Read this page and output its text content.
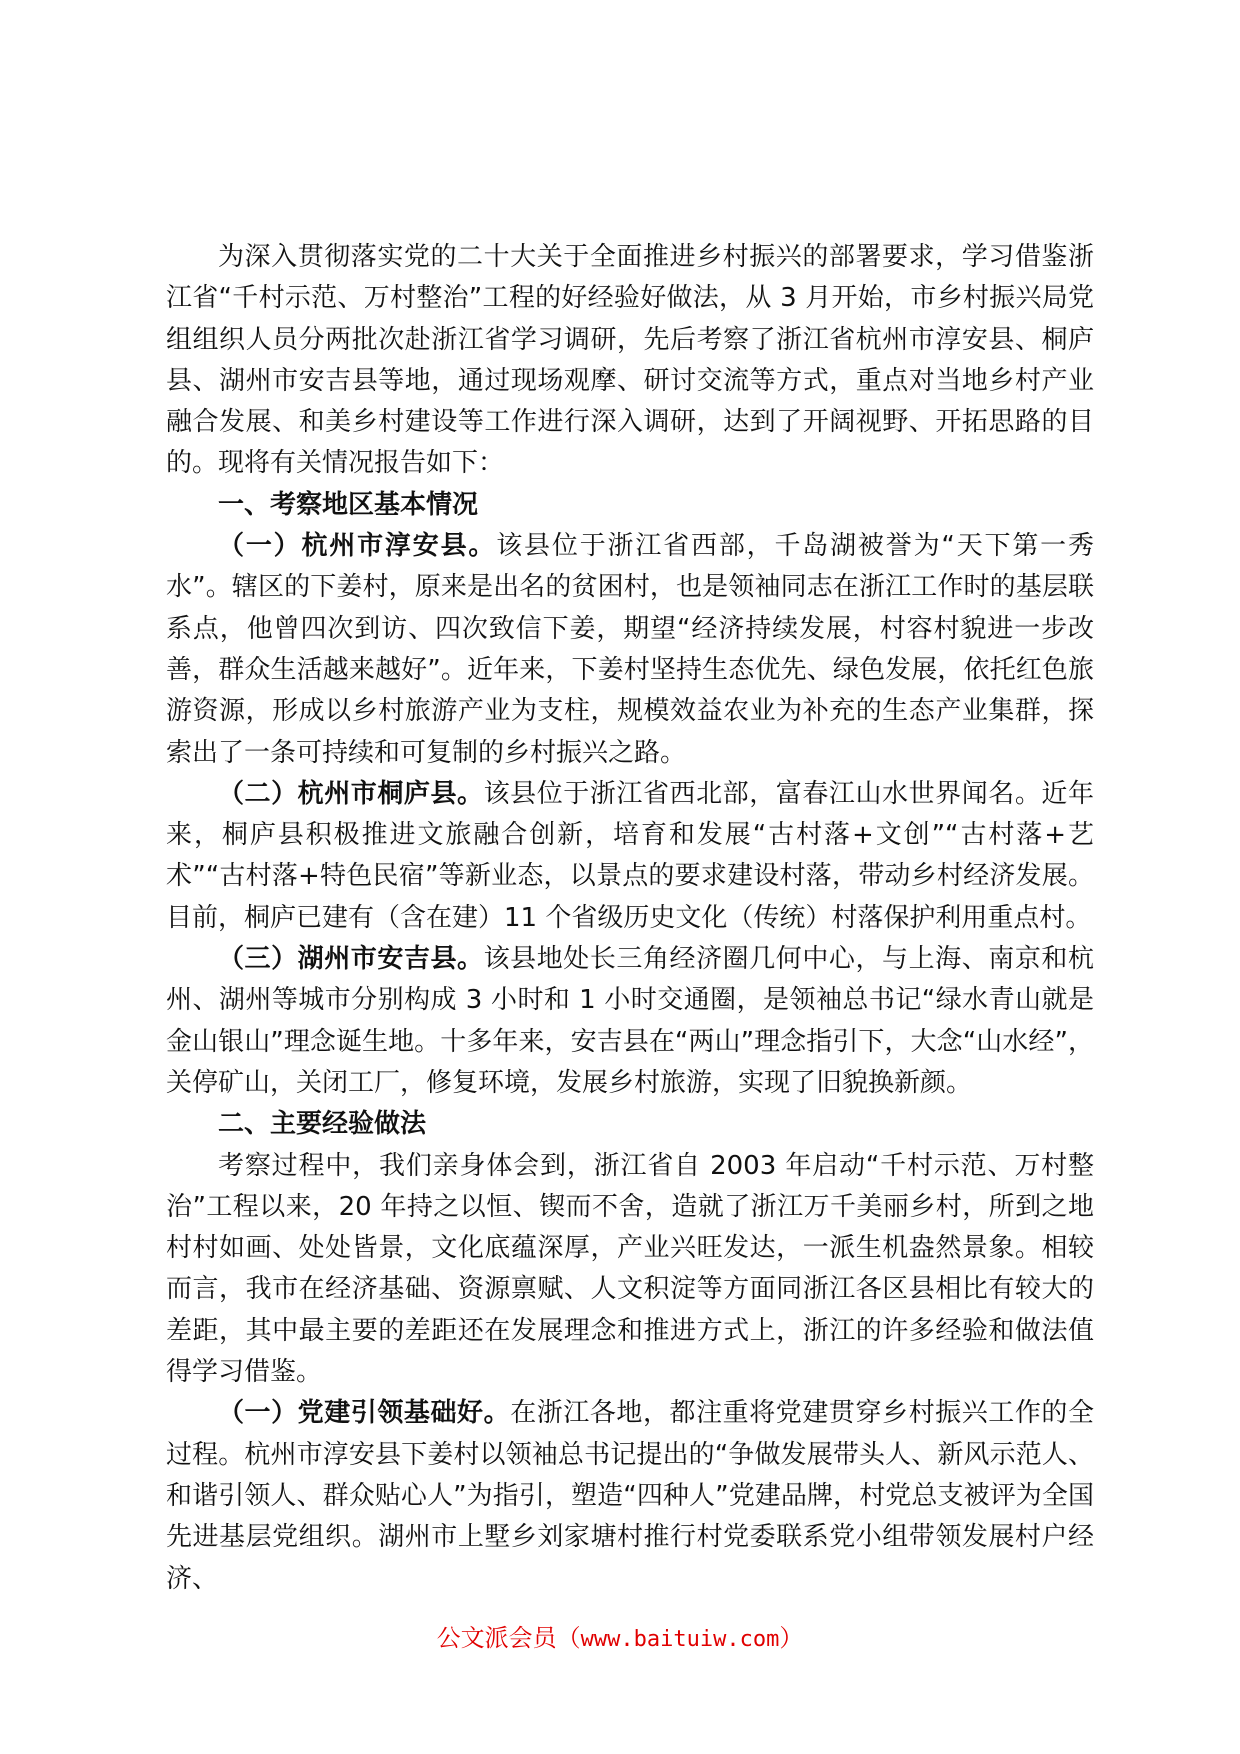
为深入贯彻落实党的二十大关于全面推进乡村振兴的部署要求，学习借鉴浙江省“千村示范、万村整治”工程的好经验好做法，从 3 月开始，市乡村振兴局党组组织人员分两批次赴浙江省学习调研，先后考察了浙江省杭州市淳安县、桐庐县、湖州市安吉县等地，通过现场观摩、研讨交流等方式，重点对当地乡村产业融合发展、和美乡村建设等工作进行深入调研，达到了开阔视野、开拓思路的目的。现将有关情况报告如下：

一、考察地区基本情况

（一）杭州市淳安县。该县位于浙江省西部，千岛湖被誉为“天下第一秀水”。辖区的下姜村，原来是出名的贫困村，也是领袖同志在浙江工作时的基层联系点，他曾四次到访、四次致信下姜，期望“经济持续发展，村容村貌进一步改善，群众生活越来越好”。近年来，下姜村坚持生态优先、绿色发展，依托红色旅游资源，形成以乡村旅游产业为支柱，规模效益农业为补充的生态产业集群，探索出了一条可持续和可复制的乡村振兴之路。

（二）杭州市桐庐县。该县位于浙江省西北部，富春江山水世界闻名。近年来，桐庐县积极推进文旅融合创新，培育和发展“古村落+文创”“古村落+艺术”“古村落+特色民宿”等新业态，以景点的要求建设村落，带动乡村经济发展。目前，桐庐已建有（含在建）11 个省级历史文化（传统）村落保护利用重点村。

（三）湖州市安吉县。该县地处长三角经济圈几何中心，与上海、南京和杭州、湖州等城市分别构成 3 小时和 1 小时交通圈，是领袖总书记“绿水青山就是金山银山”理念诞生地。十多年来，安吉县在“两山”理念指引下，大念“山水经”，关停矿山，关闭工厂，修复环境，发展乡村旅游，实现了旧貌换新颜。

二、主要经验做法

考察过程中，我们亲身体会到，浙江省自 2003 年启动“千村示范、万村整治”工程以来，20 年持之以恒、锲而不舍，造就了浙江万千美丽乡村，所到之地村村如画、处处皆景，文化底蕴深厚，产业兴旺发达，一派生机盎然景象。相较而言，我市在经济基础、资源禀赋、人文积淀等方面同浙江各区县相比有较大的差距，其中最主要的差距还在发展理念和推进方式上，浙江的许多经验和做法值得学习借鉴。

（一）党建引领基础好。在浙江各地，都注重将党建贯穿乡村振兴工作的全过程。杭州市淳安县下姜村以领袖总书记提出的“争做发展带头人、新风示范人、和谐引领人、群众贴心人”为指引，塑造“四种人”党建品牌，村党总支被评为全国先进基层党组织。湖州市上墅乡刘家塘村推行村党委联系党小组带领发展村户经济、

公文派会员（www.baituiw.com）
